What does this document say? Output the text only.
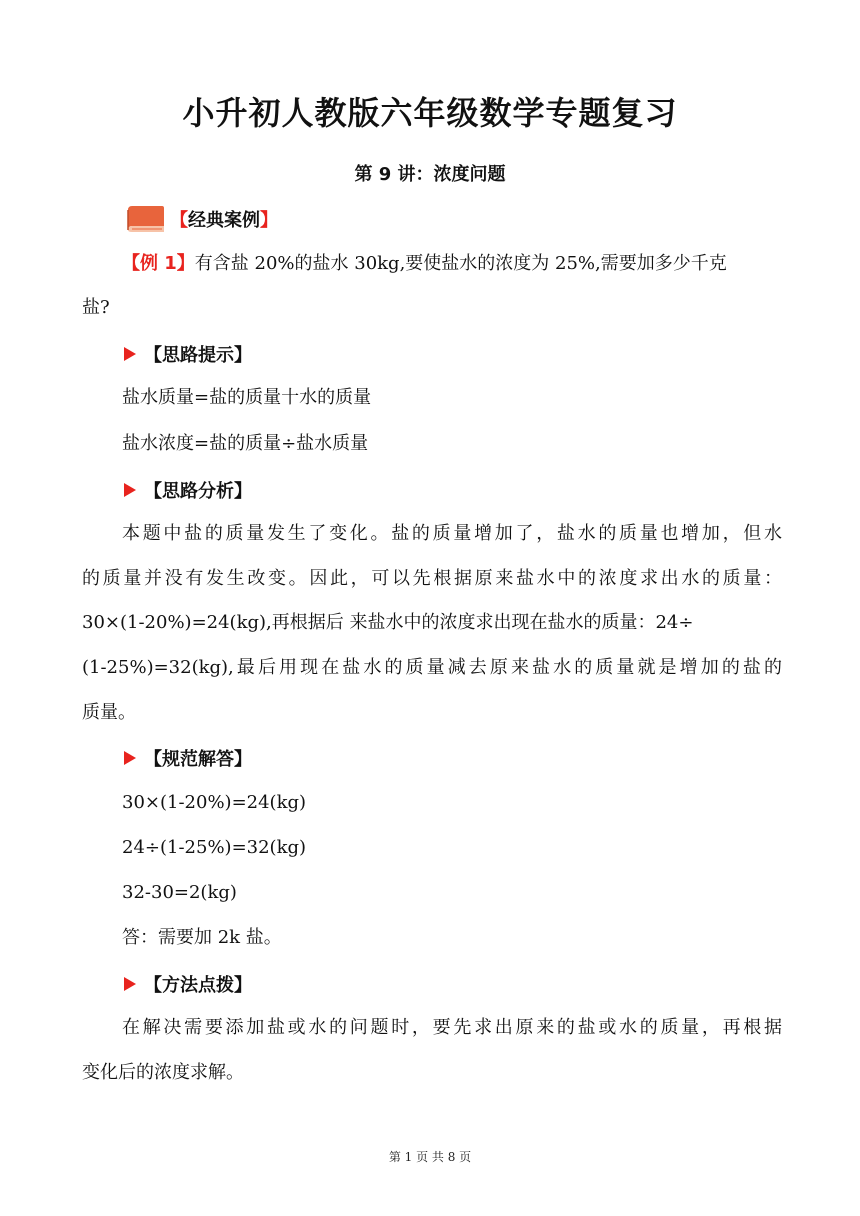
小升初人教版六年级数学专题复习
第 9 讲：浓度问题
【经典案例】
【例 1】有含盐 20%的盐水 30kg,要使盐水的浓度为 25%,需要加多少千克
盐?
【思路提示】
盐水质量=盐的质量十水的质量
盐水浓度=盐的质量÷盐水质量
【思路分析】
本题中盐的质量发生了变化。盐的质量增加了，盐水的质量也增加，但水
的质量并没有发生改变。因此，可以先根据原来盐水中的浓度求出水的质量：
30×(1-20%)=24(kg),再根据后 来盐水中的浓度求出现在盐水的质量：24÷
(1-25%)=32(kg),最后用现在盐水的质量减去原来盐水的质量就是增加的盐的
质量。
【规范解答】
30×(1-20%)=24(kg)
24÷(1-25%)=32(kg)
32-30=2(kg)
答：需要加 2k 盐。
【方法点拨】
在解决需要添加盐或水的问题时，要先求出原来的盐或水的质量，再根据
变化后的浓度求解。
第 1 页 共 8 页
